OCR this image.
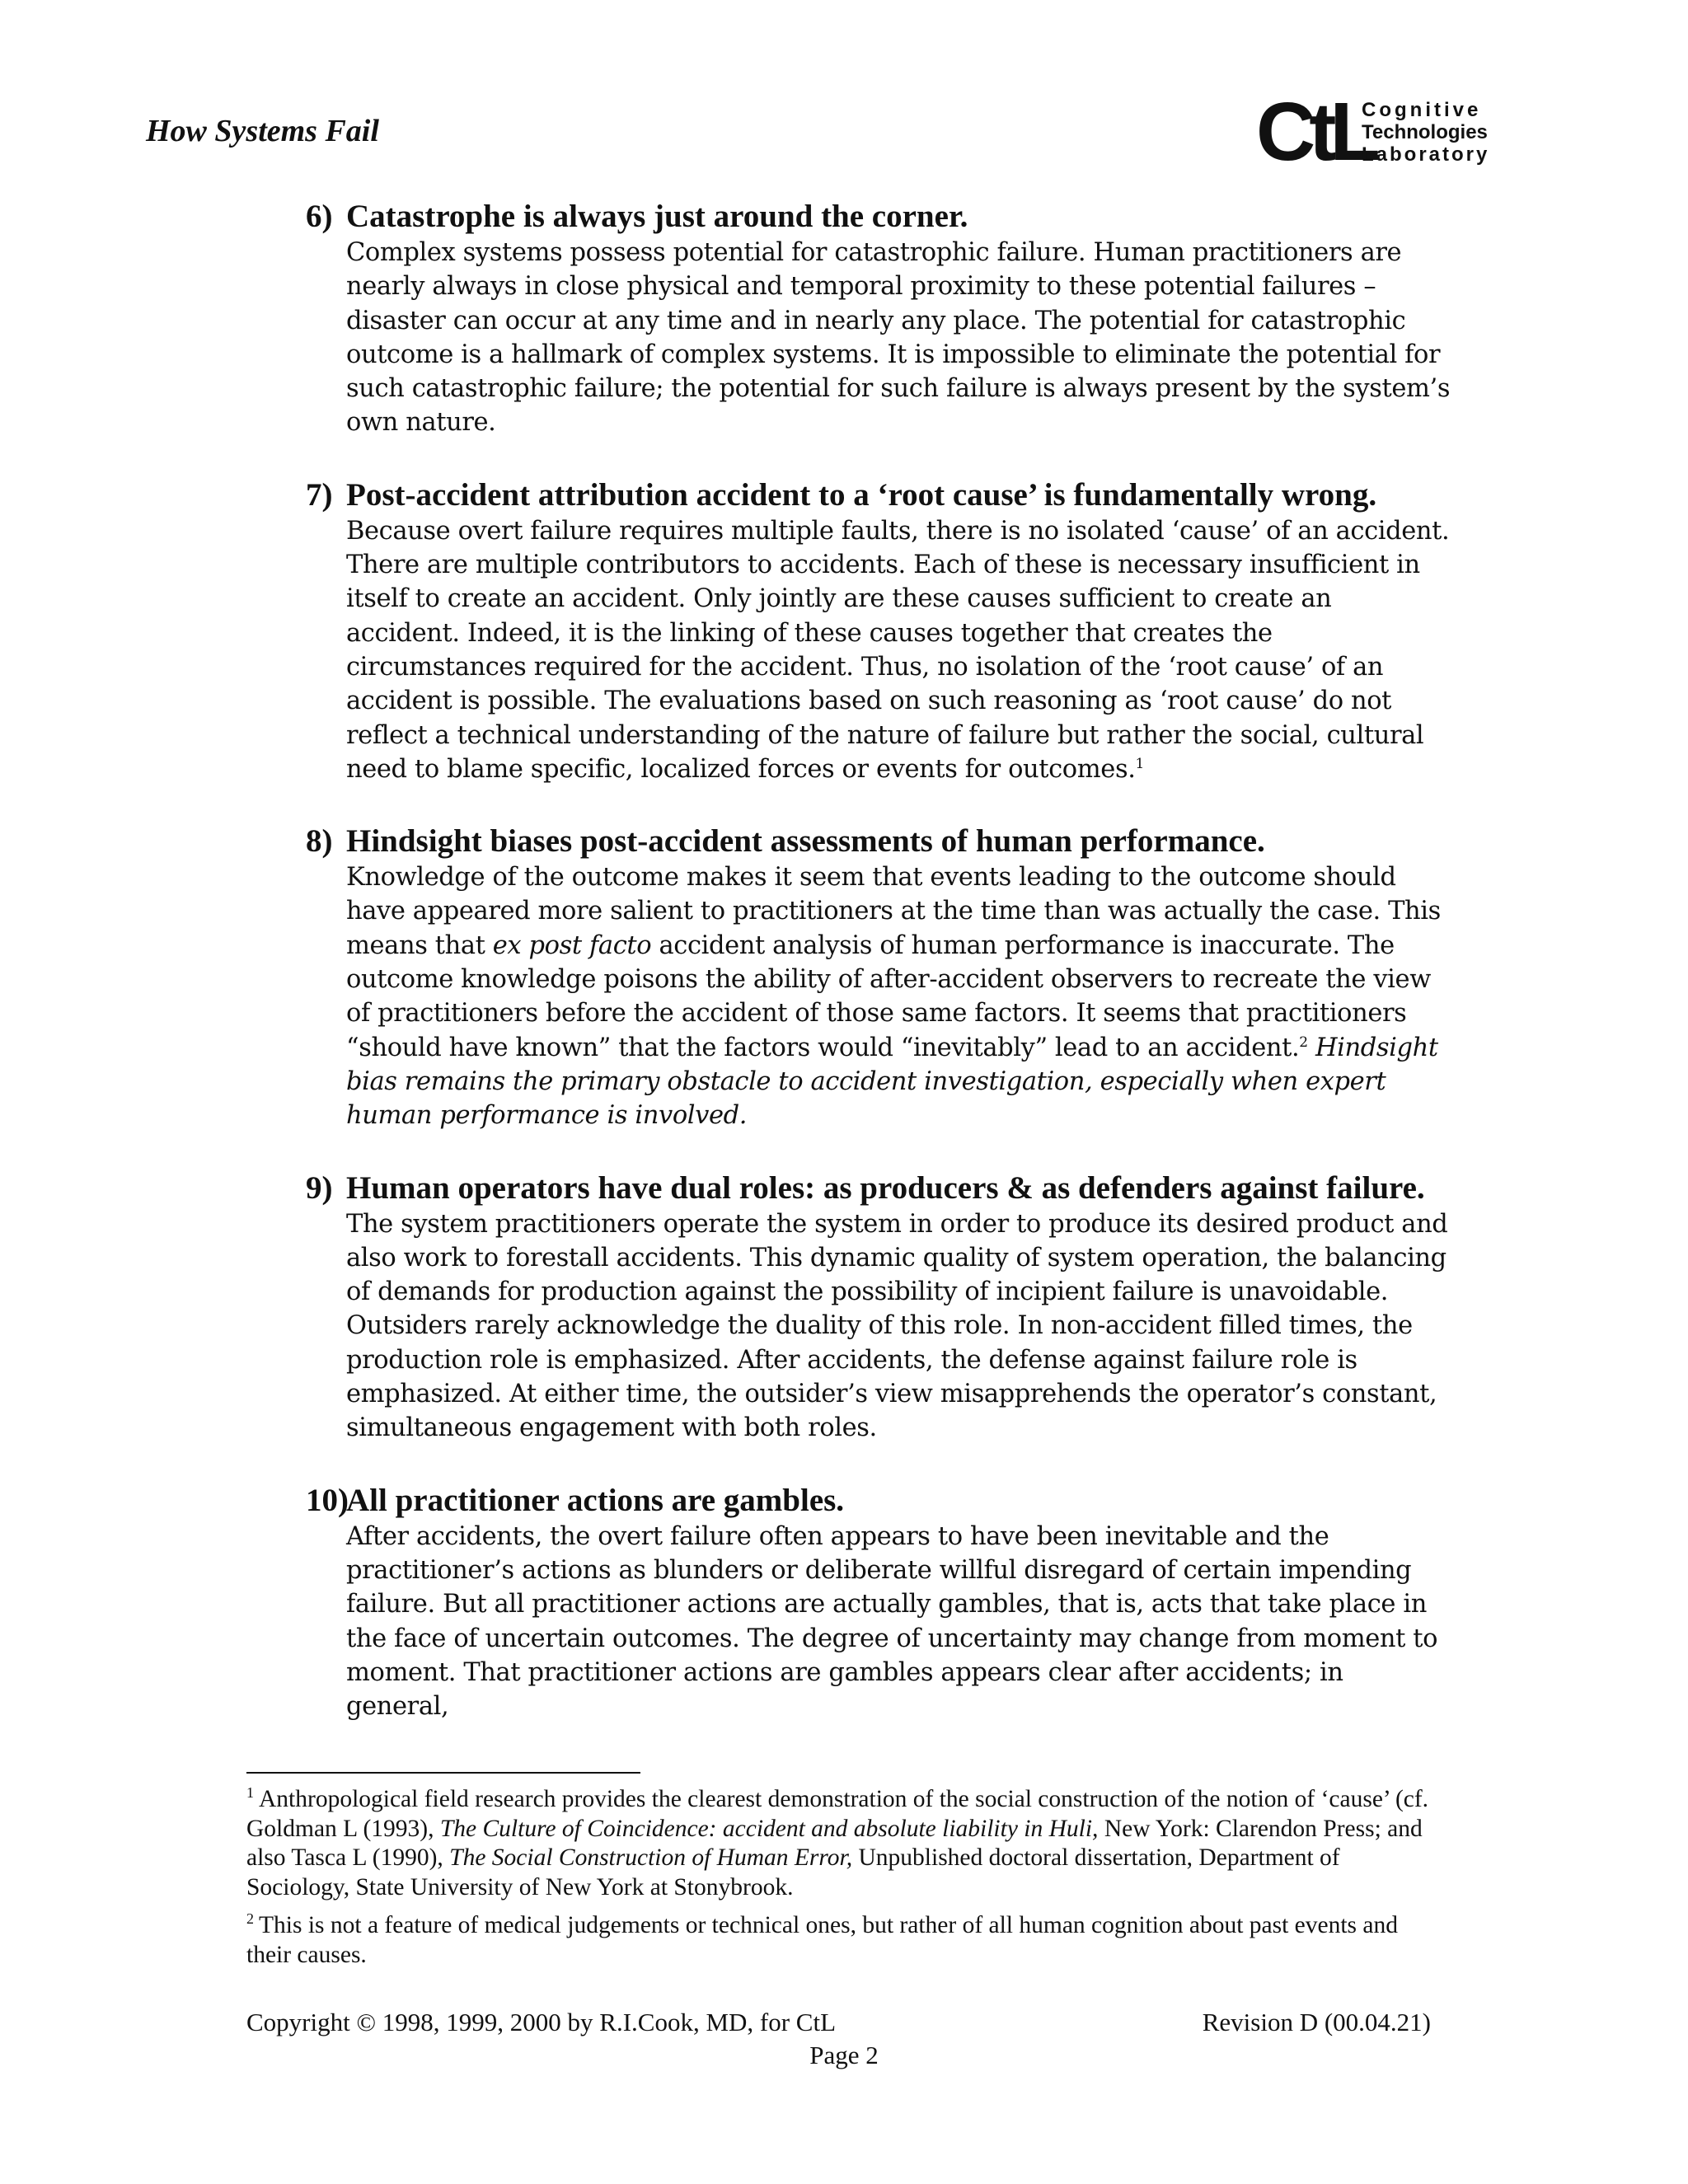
How Systems Fail	CtL
Cognitive
Technologies
Laboratory
6) Catastrophe is always just around the corner.
Complex systems possess potential for catastrophic failure. Human practitioners are nearly always in close physical and temporal proximity to these potential failures – disaster can occur at any time and in nearly any place. The potential for catastrophic outcome is a hallmark of complex systems. It is impossible to eliminate the potential for such catastrophic failure; the potential for such failure is always present by the system’s own nature.
7) Post-accident attribution accident to a ‘root cause’ is fundamentally wrong.
Because overt failure requires multiple faults, there is no isolated ‘cause’ of an accident. There are multiple contributors to accidents. Each of these is necessary insufficient in itself to create an accident. Only jointly are these causes sufficient to create an accident. Indeed, it is the linking of these causes together that creates the circumstances required for the accident. Thus, no isolation of the ‘root cause’ of an accident is possible. The evaluations based on such reasoning as ‘root cause’ do not reflect a technical understanding of the nature of failure but rather the social, cultural need to blame specific, localized forces or events for outcomes.$^1$
8) Hindsight biases post-accident assessments of human performance.
Knowledge of the outcome makes it seem that events leading to the outcome should have appeared more salient to practitioners at the time than was actually the case. This means that ex post facto accident analysis of human performance is inaccurate. The outcome knowledge poisons the ability of after-accident observers to recreate the view of practitioners before the accident of those same factors. It seems that practitioners “should have known” that the factors would “inevitably” lead to an accident.$^2$ Hindsight bias remains the primary obstacle to accident investigation, especially when expert human performance is involved.
9) Human operators have dual roles: as producers & as defenders against failure.
The system practitioners operate the system in order to produce its desired product and also work to forestall accidents. This dynamic quality of system operation, the balancing of demands for production against the possibility of incipient failure is unavoidable. Outsiders rarely acknowledge the duality of this role. In non-accident filled times, the production role is emphasized. After accidents, the defense against failure role is emphasized. At either time, the outsider’s view misapprehends the operator’s constant, simultaneous engagement with both roles.
10)
All practitioner actions are gambles.
After accidents, the overt failure often appears to have been inevitable and the practitioner’s actions as blunders or deliberate willful disregard of certain impending failure. But all practitioner actions are actually gambles, that is, acts that take place in the face of uncertain outcomes. The degree of uncertainty may change from moment to moment. That practitioner actions are gambles appears clear after accidents; in general,
$^1$ Anthropological field research provides the clearest demonstration of the social construction of the notion of ‘cause’ (cf. Goldman L (1993), The Culture of Coincidence: accident and absolute liability in Huli, New York: Clarendon Press; and also Tasca L (1990), The Social Construction of Human Error, Unpublished doctoral dissertation, Department of Sociology, State University of New York at Stonybrook.
$^2$ This is not a feature of medical judgements or technical ones, but rather of all human cognition about past events and their causes.
Copyright © 1998, 1999, 2000 by R.I.Cook, MD, for CtL	Revision D (00.04.21)
Page 2
